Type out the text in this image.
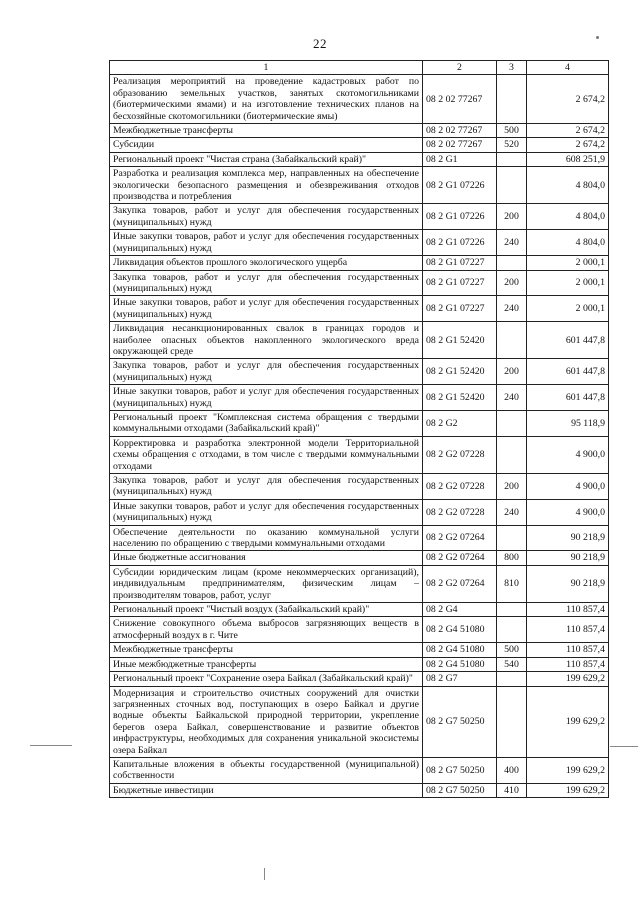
22
1	2	3	4
Реализация мероприятий на проведение кадастровых работ по образованию земельных участков, занятых скотомогильниками (биотермическими ямами) и на изготовление технических планов на бесхозяйные скотомогильники (биотермические ямы)	08 2 02 77267		2 674,2
Межбюджетные трансферты	08 2 02 77267	500	2 674,2
Субсидии	08 2 02 77267	520	2 674,2
Региональный проект "Чистая страна (Забайкальский край)"	08 2 G1		608 251,9
Разработка и реализация комплекса мер, направленных на обеспечение экологически безопасного размещения и обезвреживания отходов производства и потребления	08 2 G1 07226		4 804,0
Закупка товаров, работ и услуг для обеспечения государственных (муниципальных) нужд	08 2 G1 07226	200	4 804,0
Иные закупки товаров, работ и услуг для обеспечения государственных (муниципальных) нужд	08 2 G1 07226	240	4 804,0
Ликвидация объектов прошлого экологического ущерба	08 2 G1 07227		2 000,1
Закупка товаров, работ и услуг для обеспечения государственных (муниципальных) нужд	08 2 G1 07227	200	2 000,1
Иные закупки товаров, работ и услуг для обеспечения государственных (муниципальных) нужд	08 2 G1 07227	240	2 000,1
Ликвидация несанкционированных свалок в границах городов и наиболее опасных объектов накопленного экологического вреда окружающей среде	08 2 G1 52420		601 447,8
Закупка товаров, работ и услуг для обеспечения государственных (муниципальных) нужд	08 2 G1 52420	200	601 447,8
Иные закупки товаров, работ и услуг для обеспечения государственных (муниципальных) нужд	08 2 G1 52420	240	601 447,8
Региональный проект "Комплексная система обращения с твердыми коммунальными отходами (Забайкальский край)"	08 2 G2		95 118,9
Корректировка и разработка электронной модели Территориальной схемы обращения с отходами, в том числе с твердыми коммунальными отходами	08 2 G2 07228		4 900,0
Закупка товаров, работ и услуг для обеспечения государственных (муниципальных) нужд	08 2 G2 07228	200	4 900,0
Иные закупки товаров, работ и услуг для обеспечения государственных (муниципальных) нужд	08 2 G2 07228	240	4 900,0
Обеспечение деятельности по оказанию коммунальной услуги населению по обращению с твердыми коммунальными отходами	08 2 G2 07264		90 218,9
Иные бюджетные ассигнования	08 2 G2 07264	800	90 218,9
Субсидии юридическим лицам (кроме некоммерческих организаций), индивидуальным предпринимателям, физическим лицам – производителям товаров, работ, услуг	08 2 G2 07264	810	90 218,9
Региональный проект "Чистый воздух (Забайкальский край)"	08 2 G4		110 857,4
Снижение совокупного объема выбросов загрязняющих веществ в атмосферный воздух в г. Чите	08 2 G4 51080		110 857,4
Межбюджетные трансферты	08 2 G4 51080	500	110 857,4
Иные межбюджетные трансферты	08 2 G4 51080	540	110 857,4
Региональный проект "Сохранение озера Байкал (Забайкальский край)"	08 2 G7		199 629,2
Модернизация и строительство очистных сооружений для очистки загрязненных сточных вод, поступающих в озеро Байкал и другие водные объекты Байкальской природной территории, укрепление берегов озера Байкал, совершенствование и развитие объектов инфраструктуры, необходимых для сохранения уникальной экосистемы озера Байкал	08 2 G7 50250		199 629,2
Капитальные вложения в объекты государственной (муниципальной) собственности	08 2 G7 50250	400	199 629,2
Бюджетные инвестиции	08 2 G7 50250	410	199 629,2
